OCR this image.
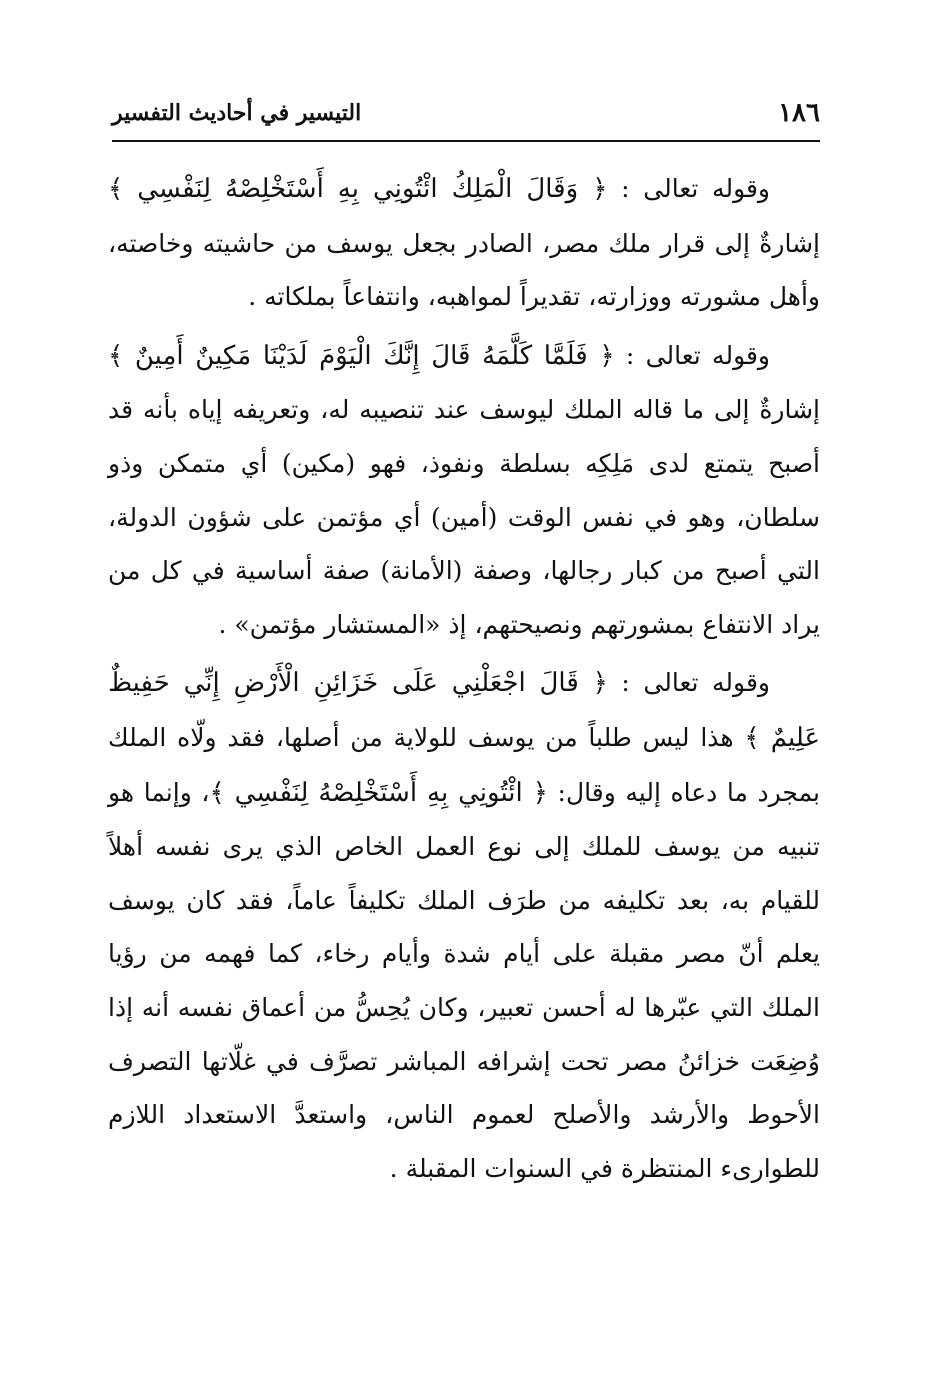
١٨٦
التيسير في أحاديث التفسير

وقوله تعالى : ﴿ وَقَالَ الْمَلِكُ ائْتُونِي بِهِ أَسْتَخْلِصْهُ لِنَفْسِي ﴾ إشارةٌ إلى قرار ملك مصر، الصادر بجعل يوسف من حاشيته وخاصته، وأهل مشورته ووزارته، تقديراً لمواهبه، وانتفاعاً بملكاته .

وقوله تعالى : ﴿ فَلَمَّا كَلَّمَهُ قَالَ إِنَّكَ الْيَوْمَ لَدَيْنَا مَكِينٌ أَمِينٌ ﴾ إشارةٌ إلى ما قاله الملك ليوسف عند تنصيبه له، وتعريفه إياه بأنه قد أصبح يتمتع لدى مَلِكِه بسلطة ونفوذ، فهو (مكين) أي متمكن وذو سلطان، وهو في نفس الوقت (أمين) أي مؤتمن على شؤون الدولة، التي أصبح من كبار رجالها، وصفة (الأمانة) صفة أساسية في كل من يراد الانتفاع بمشورتهم ونصيحتهم، إذ «المستشار مؤتمن» .

وقوله تعالى : ﴿ قَالَ اجْعَلْنِي عَلَى خَزَائِنِ الْأَرْضِ إِنِّي حَفِيظٌ عَلِيمٌ ﴾ هذا ليس طلباً من يوسف للولاية من أصلها، فقد ولّاه الملك بمجرد ما دعاه إليه وقال: ﴿ ائْتُونِي بِهِ أَسْتَخْلِصْهُ لِنَفْسِي ﴾، وإنما هو تنبيه من يوسف للملك إلى نوع العمل الخاص الذي يرى نفسه أهلاً للقيام به، بعد تكليفه من طرَف الملك تكليفاً عاماً، فقد كان يوسف يعلم أنّ مصر مقبلة على أيام شدة وأيام رخاء، كما فهمه من رؤيا الملك التي عبّرها له أحسن تعبير، وكان يُحِسُّ من أعماق نفسه أنه إذا وُضِعَت خزائنُ مصر تحت إشرافه المباشر تصرَّف في غلّاتها التصرف الأحوط والأرشد والأصلح لعموم الناس، واستعدَّ الاستعداد اللازم للطوارىء المنتظرة في السنوات المقبلة .
